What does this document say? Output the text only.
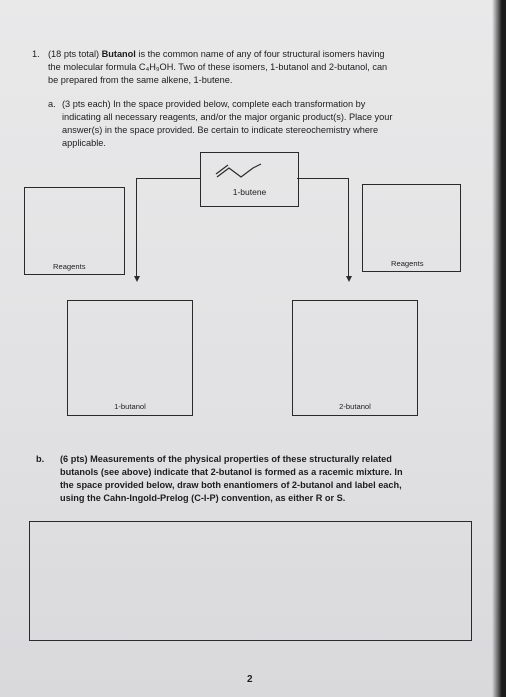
1. (18 pts total) Butanol is the common name of any of four structural isomers having
the molecular formula C₄H₉OH. Two of these isomers, 1-butanol and 2-butanol, can
be prepared from the same alkene, 1-butene.
a. (3 pts each) In the space provided below, complete each transformation by
indicating all necessary reagents, and/or the major organic product(s). Place your
answer(s) in the space provided. Be certain to indicate stereochemistry where
applicable.
1-butene
Reagents	Reagents
1-butanol	2-butanol
b. (6 pts) Measurements of the physical properties of these structurally related
butanols (see above) indicate that 2-butanol is formed as a racemic mixture. In
the space provided below, draw both enantiomers of 2-butanol and label each,
using the Cahn-Ingold-Prelog (C-I-P) convention, as either R or S.
2
